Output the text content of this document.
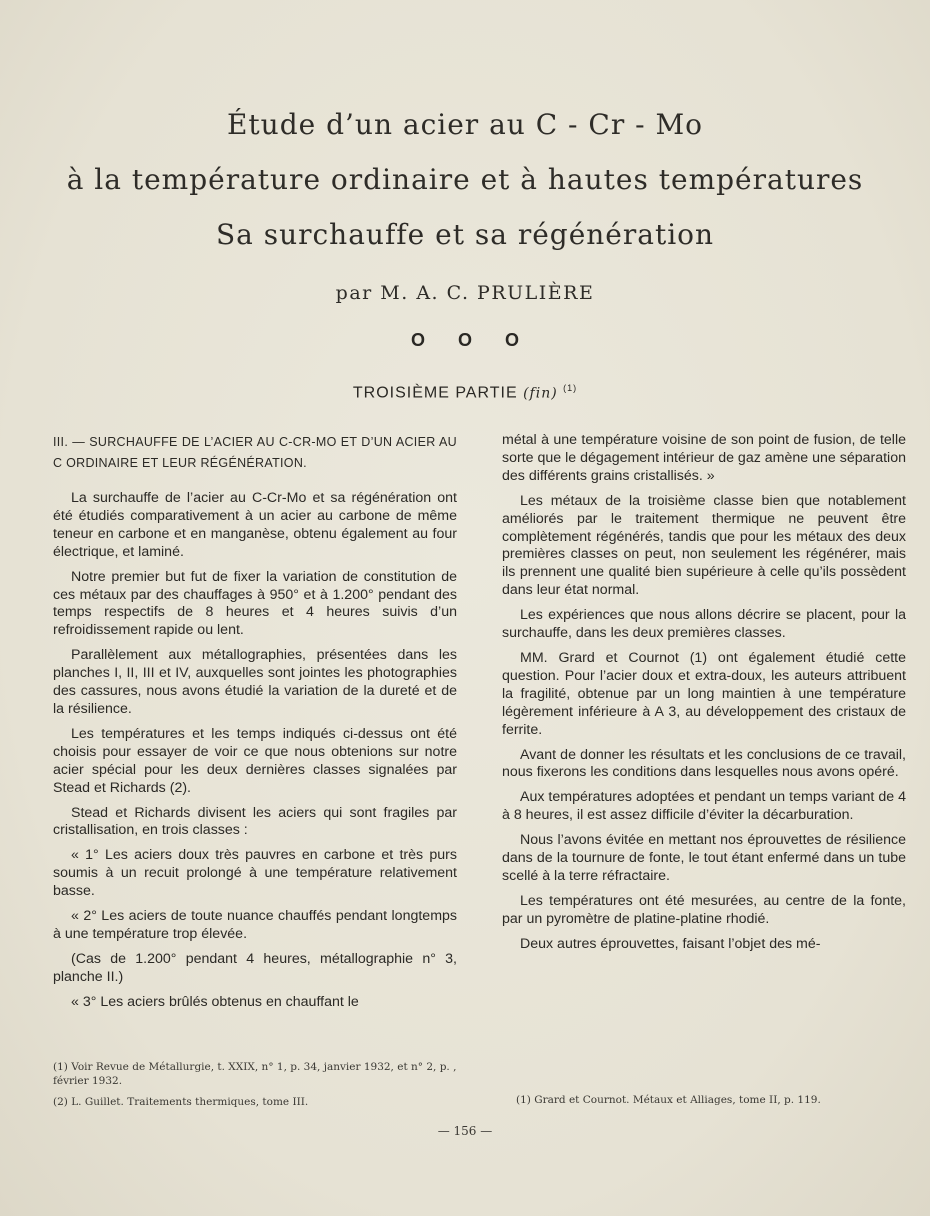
Étude d’un acier au C - Cr - Mo
à la température ordinaire et à hautes températures
Sa surchauffe et sa régénération
par M. A. C. PRULIÈRE
O O O
TROISIÈME PARTIE (fin) $^{(1)}$

III. — SURCHAUFFE DE L’ACIER AU C-CR-MO ET D’UN ACIER AU C ORDINAIRE ET LEUR RÉGÉNÉRATION.

La surchauffe de l’acier au C-Cr-Mo et sa régénération ont été étudiés comparativement à un acier au carbone de même teneur en carbone et en manganèse, obtenu également au four électrique, et laminé.

Notre premier but fut de fixer la variation de constitution de ces métaux par des chauffages à 950° et à 1.200° pendant des temps respectifs de 8 heures et 4 heures suivis d’un refroidissement rapide ou lent.

Parallèlement aux métallographies, présentées dans les planches I, II, III et IV, auxquelles sont jointes les photographies des cassures, nous avons étudié la variation de la dureté et de la résilience.

Les températures et les temps indiqués ci-dessus ont été choisis pour essayer de voir ce que nous obtenions sur notre acier spécial pour les deux dernières classes signalées par Stead et Richards (2).

Stead et Richards divisent les aciers qui sont fragiles par cristallisation, en trois classes :

« 1° Les aciers doux très pauvres en carbone et très purs soumis à un recuit prolongé à une température relativement basse.

« 2° Les aciers de toute nuance chauffés pendant longtemps à une température trop élevée.

(Cas de 1.200° pendant 4 heures, métallographie n° 3, planche II.)

« 3° Les aciers brûlés obtenus en chauffant le

métal à une température voisine de son point de fusion, de telle sorte que le dégagement intérieur de gaz amène une séparation des différents grains cristallisés. »

Les métaux de la troisième classe bien que notablement améliorés par le traitement thermique ne peuvent être complètement régénérés, tandis que pour les métaux des deux premières classes on peut, non seulement les régénérer, mais ils prennent une qualité bien supérieure à celle qu’ils possèdent dans leur état normal.

Les expériences que nous allons décrire se placent, pour la surchauffe, dans les deux premières classes.

MM. Grard et Cournot (1) ont également étudié cette question. Pour l’acier doux et extra-doux, les auteurs attribuent la fragilité, obtenue par un long maintien à une température légèrement inférieure à A 3, au développement des cristaux de ferrite.

Avant de donner les résultats et les conclusions de ce travail, nous fixerons les conditions dans lesquelles nous avons opéré.

Aux températures adoptées et pendant un temps variant de 4 à 8 heures, il est assez difficile d’éviter la décarburation.

Nous l’avons évitée en mettant nos éprouvettes de résilience dans de la tournure de fonte, le tout étant enfermé dans un tube scellé à la terre réfractaire.

Les températures ont été mesurées, au centre de la fonte, par un pyromètre de platine-platine rhodié.

Deux autres éprouvettes, faisant l’objet des mé-

(1) Voir Revue de Métallurgie, t. XXIX, n° 1, p. 34, janvier 1932, et n° 2, p. , février 1932.

(2) L. Guillet. Traitements thermiques, tome III.	(1) Grard et Cournot. Métaux et Alliages, tome II, p. 119.

— 156 —
